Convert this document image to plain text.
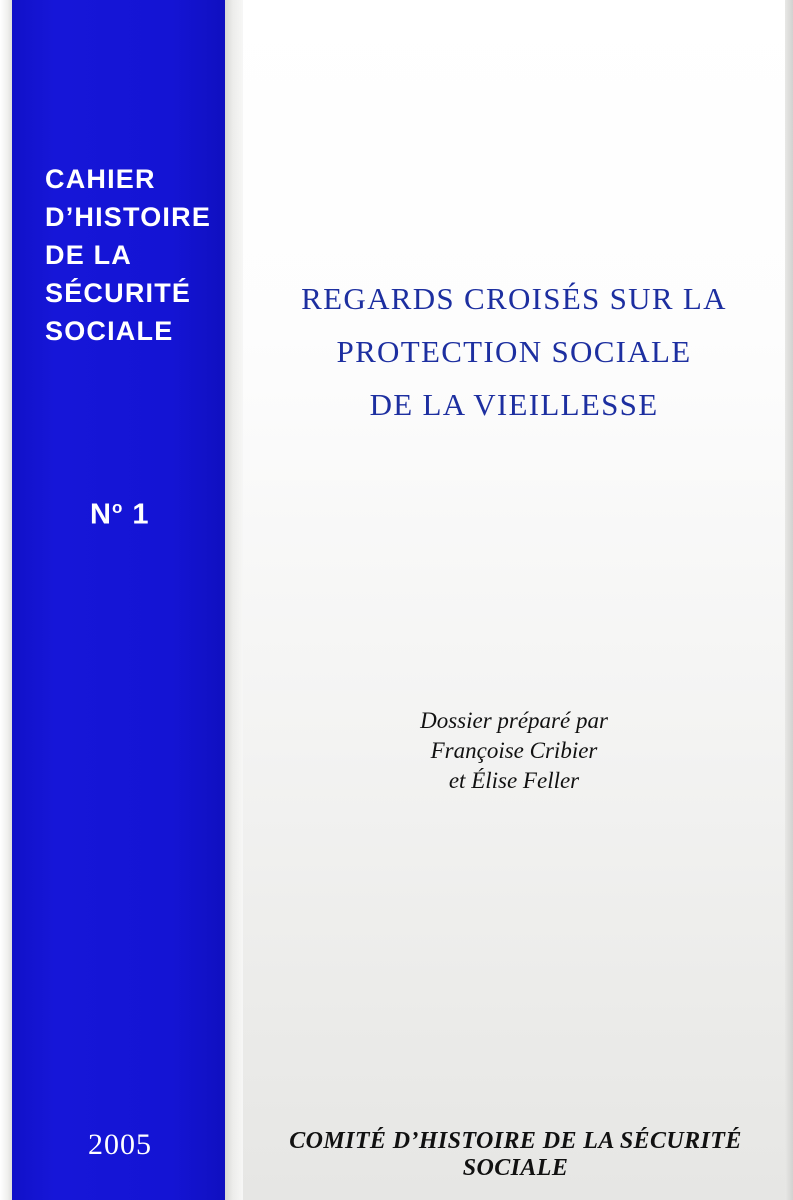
CAHIER
D’HISTOIRE
DE LA
SÉCURITÉ
SOCIALE
$N^o$ 1
2005
REGARDS CROISÉS SUR LA
PROTECTION SOCIALE
DE LA VIEILLESSE
Dossier préparé par
Françoise Cribier
et Élise Feller
COMITÉ D’HISTOIRE DE LA SÉCURITÉ SOCIALE
